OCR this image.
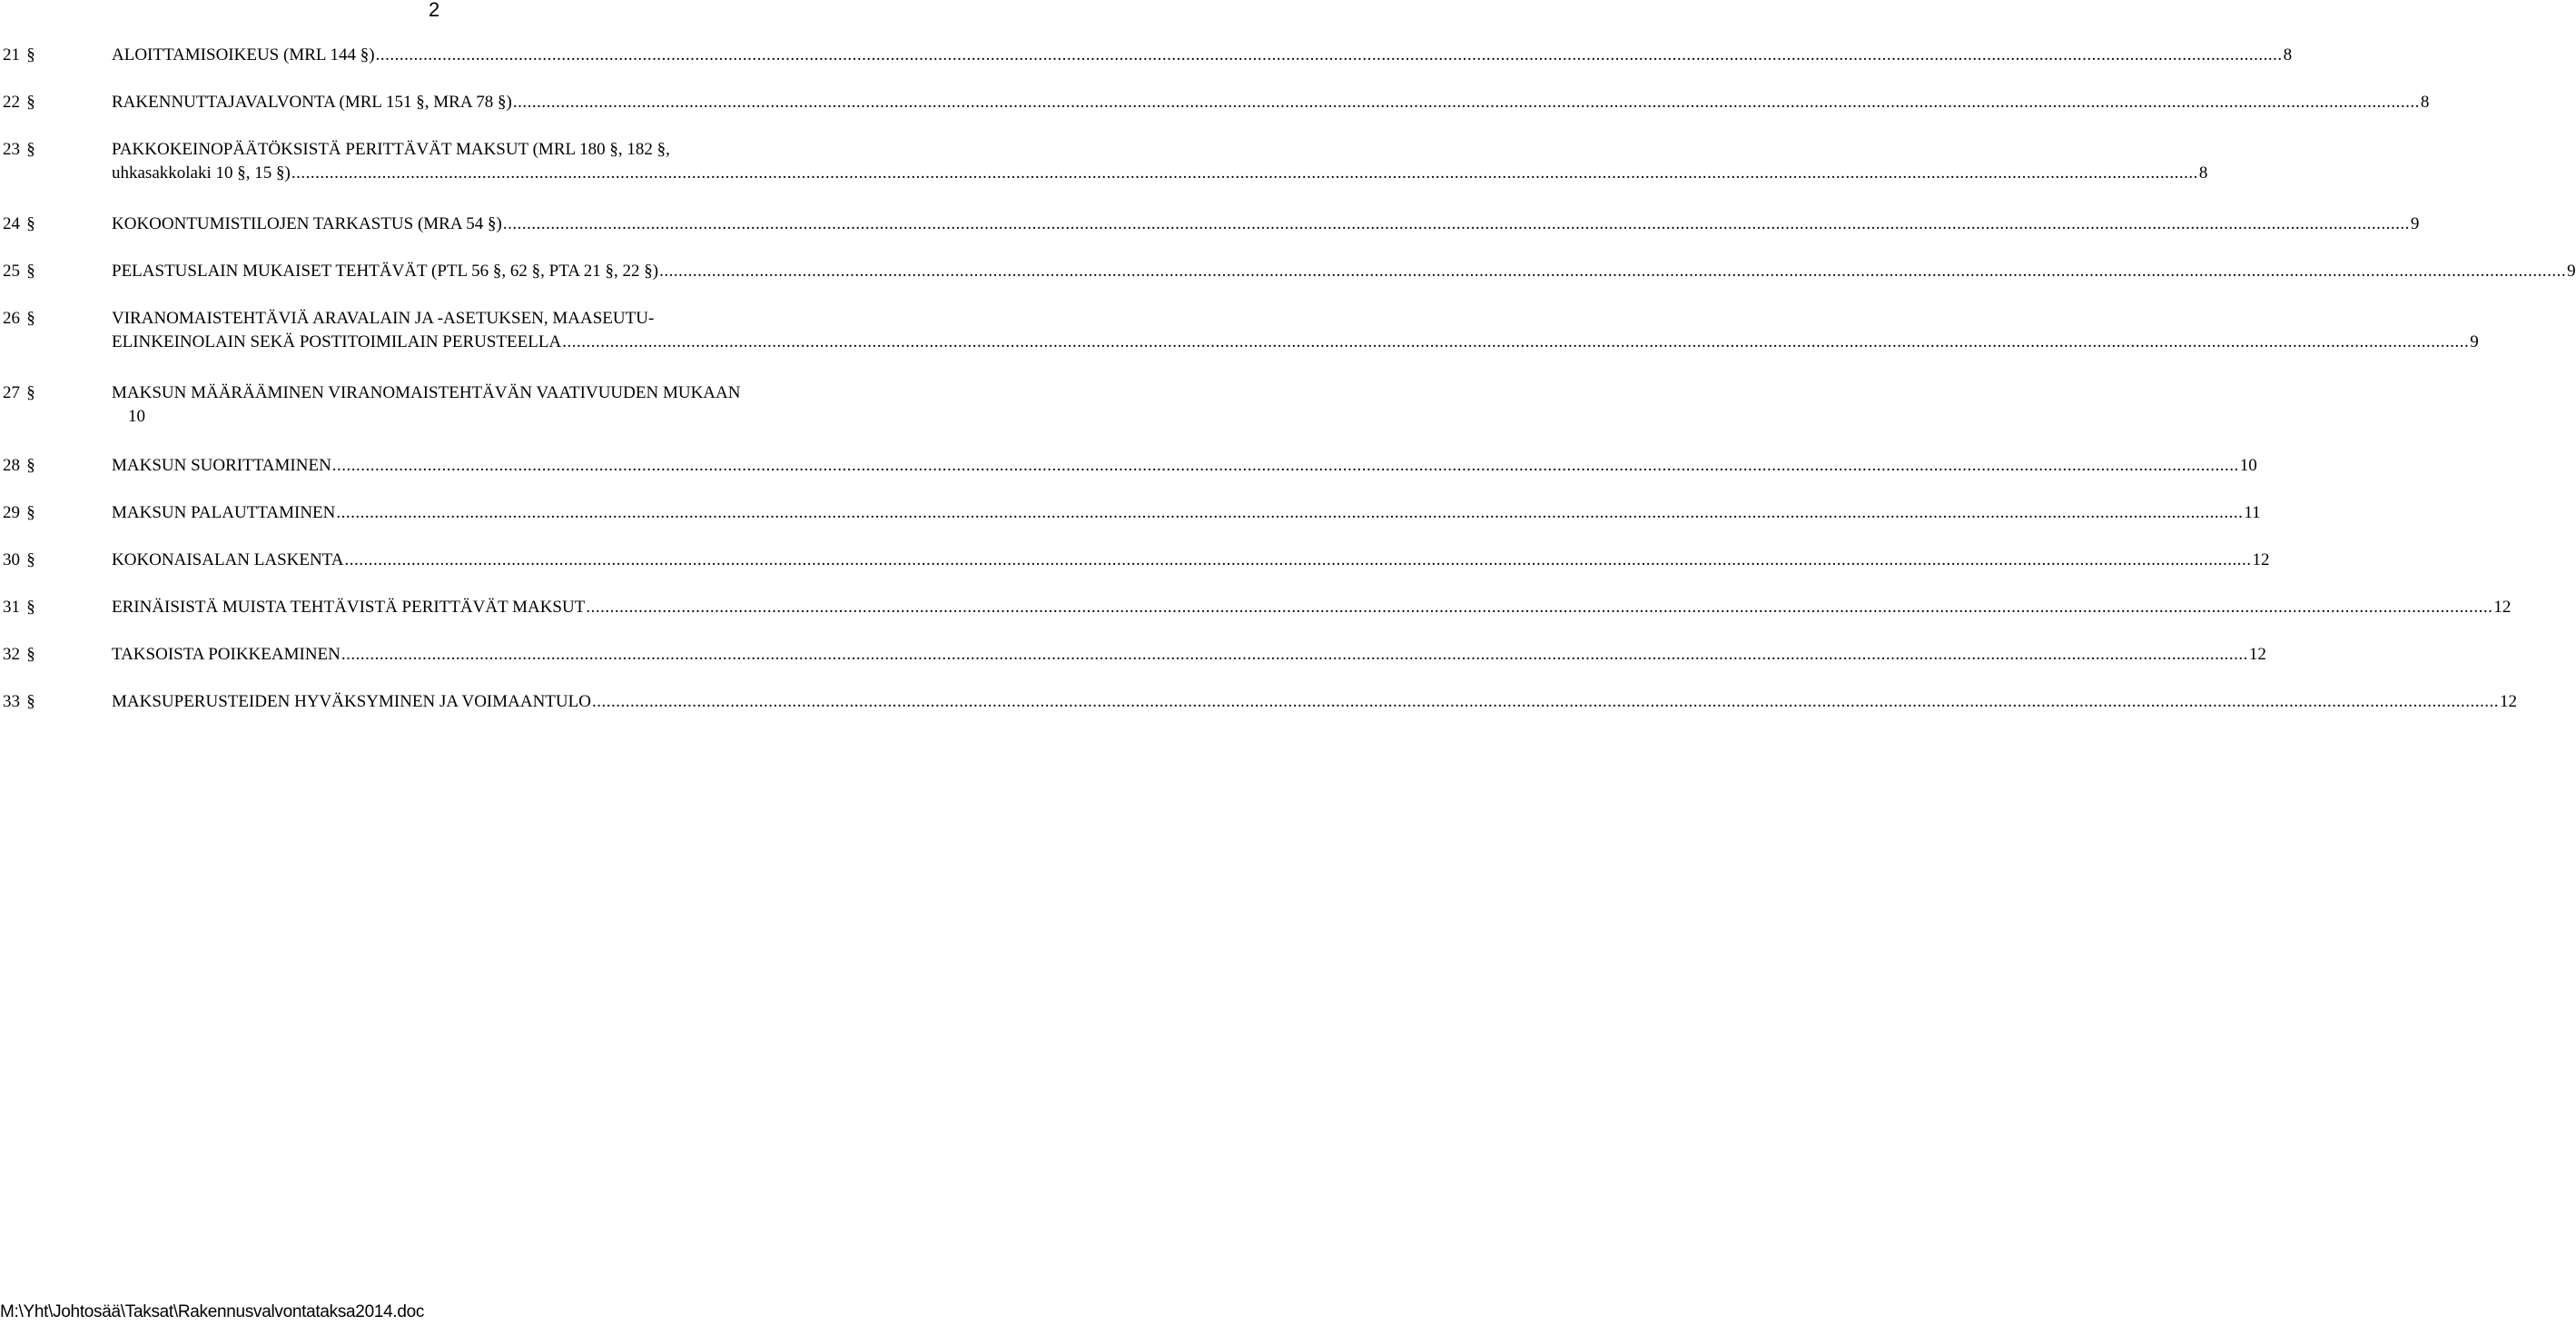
2
21 §	ALOITTAMISOIKEUS (MRL 144 §) ................................................................................................................................................................................................................................................................................................................................................................................................................ 8
22 §	RAKENNUTTAJAVALVONTA (MRL 151 §, MRA 78 §) ................................................................................................................................................................................................................................................................................................................................................................................................................ 8
23 §	PAKKOKEINOPÄÄTÖKSISTÄ PERITTÄVÄT MAKSUT (MRL 180 §, 182 §,
uhkasakkolaki 10 §, 15 §) ................................................................................................................................................................................................................................................................................................................................................................................................................ 8
24 §	KOKOONTUMISTILOJEN TARKASTUS (MRA 54 §) ................................................................................................................................................................................................................................................................................................................................................................................................................ 9
25 §	PELASTUSLAIN MUKAISET TEHTÄVÄT (PTL 56 §, 62 §, PTA 21 §, 22 §) ................................................................................................................................................................................................................................................................................................................................................................................................................ 9
26 §	VIRANOMAISTEHTÄVIÄ ARAVALAIN JA -ASETUKSEN, MAASEUTU-
ELINKEINOLAIN SEKÄ POSTITOIMILAIN PERUSTEELLA ................................................................................................................................................................................................................................................................................................................................................................................................................ 9
27 §	MAKSUN MÄÄRÄÄMINEN VIRANOMAISTEHTÄVÄN VAATIVUUDEN MUKAAN
10
28 §	MAKSUN SUORITTAMINEN ................................................................................................................................................................................................................................................................................................................................................................................................................ 10
29 §	MAKSUN PALAUTTAMINEN ................................................................................................................................................................................................................................................................................................................................................................................................................ 11
30 §	KOKONAISALAN LASKENTA ................................................................................................................................................................................................................................................................................................................................................................................................................ 12
31 §	ERINÄISISTÄ MUISTA TEHTÄVISTÄ PERITTÄVÄT MAKSUT ................................................................................................................................................................................................................................................................................................................................................................................................................ 12
32 §	TAKSOISTA POIKKEAMINEN ................................................................................................................................................................................................................................................................................................................................................................................................................ 12
33 §	MAKSUPERUSTEIDEN HYVÄKSYMINEN JA VOIMAANTULO ................................................................................................................................................................................................................................................................................................................................................................................................................ 12
M:\Yht\Johtosää\Taksat\Rakennusvalvontataksa2014.doc
